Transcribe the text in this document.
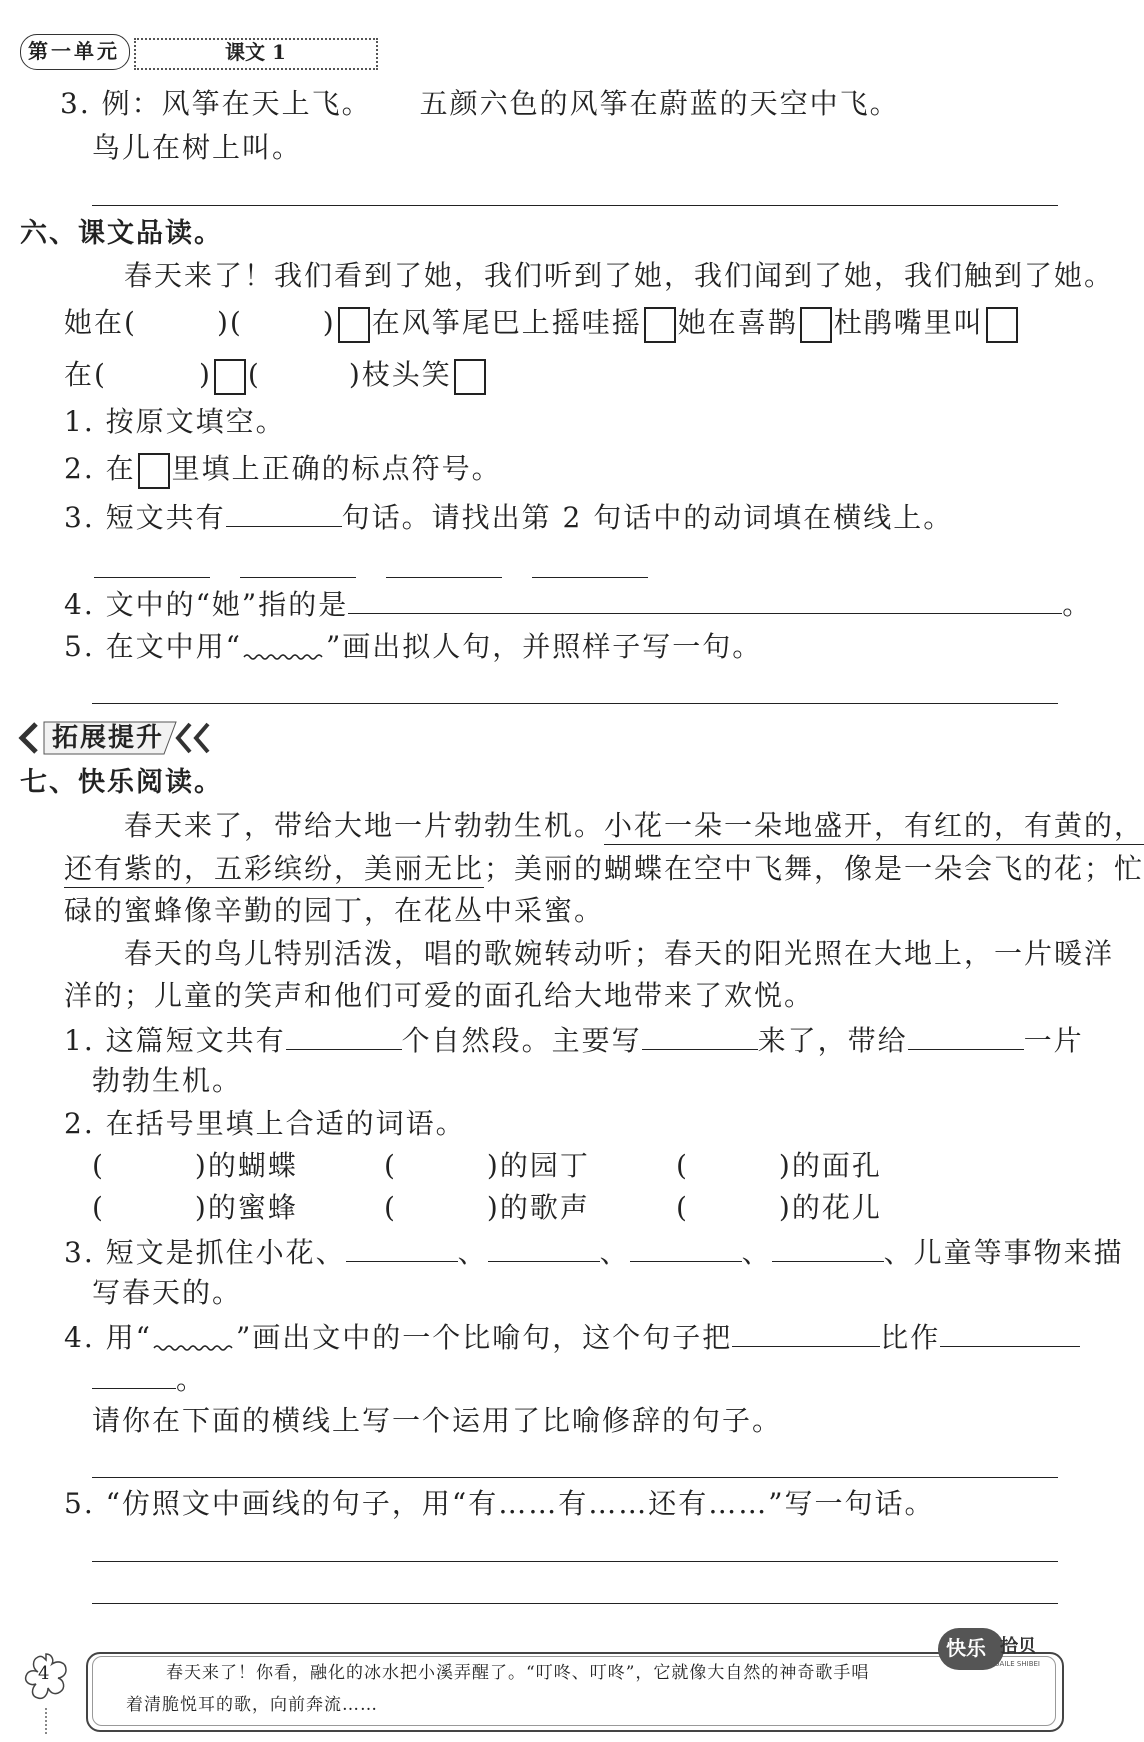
第一单元	课文 1
3. 例：风筝在天上飞。 五颜六色的风筝在蔚蓝的天空中飞。
鸟儿在树上叫。
六、课文品读。
春天来了！我们看到了她，我们听到了她，我们闻到了她，我们触到了她。
她在(	)(	) 在风筝尾巴上摇哇摇 她在喜鹊 杜鹃嘴里叫
在(	) (	)枝头笑
1. 按原文填空。
2. 在 里填上正确的标点符号。
3. 短文共有	句话。请找出第 2 句话中的动词填在横线上。
4. 文中的“她”指的是	。
5. 在文中用“	”画出拟人句，并照样子写一句。
拓展提升
七、快乐阅读。
春天来了，带给大地一片勃勃生机。小花一朵一朵地盛开，有红的，有黄的，
还有紫的，五彩缤纷，美丽无比；美丽的蝴蝶在空中飞舞，像是一朵会飞的花；忙
碌的蜜蜂像辛勤的园丁，在花丛中采蜜。
春天的鸟儿特别活泼，唱的歌婉转动听；春天的阳光照在大地上，一片暖洋
洋的；儿童的笑声和他们可爱的面孔给大地带来了欢悦。
1. 这篇短文共有	个自然段。主要写	来了，带给	一片
勃勃生机。
2. 在括号里填上合适的词语。
(　　　)的蝴蝶	(　　　)的园丁	(　　　)的面孔
(　　　)的蜜蜂	(　　　)的歌声	(　　　)的花儿
3. 短文是抓住小花、	、	、	、	、儿童等事物来描
写春天的。
4. 用“	”画出文中的一个比喻句，这个句子把	比作
。
请你在下面的横线上写一个运用了比喻修辞的句子。
5. “仿照文中画线的句子，用“有……有……还有……”写一句话。
4	春天来了！你看，融化的冰水把小溪弄醒了。“叮咚、叮咚”，它就像大自然的神奇歌手唱
着清脆悦耳的歌，向前奔流……
快乐 拾贝
KUAILE SHIBEI
